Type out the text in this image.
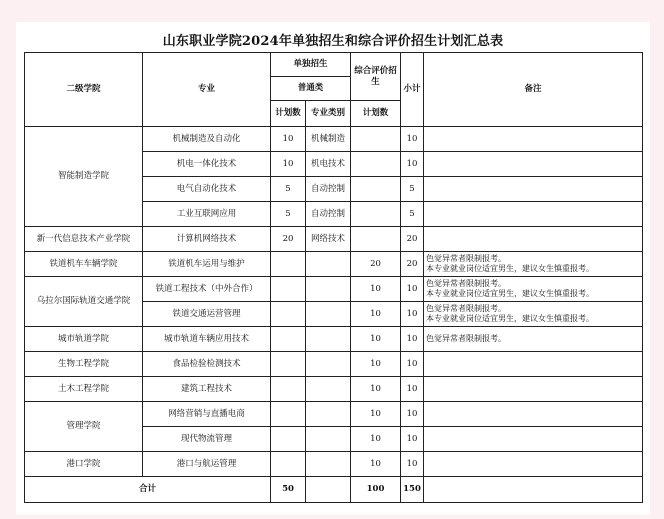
山东职业学院2024年单独招生和综合评价招生计划汇总表
二级学院	专业	单独招生		综合评价招生	小计	备注
		普通类				
		计划数	专业类别	计划数		
智能制造学院	机械制造及自动化	10	机械制造		10	
	机电一体化技术	10	机电技术		10	
	电气自动化技术	5	自动控制		5	
	工业互联网应用	5	自动控制		5	
新一代信息技术产业学院	计算机网络技术	20	网络技术		20	
铁道机车车辆学院	铁道机车运用与维护			20	20	色觉异常者限制报考。
本专业就业岗位适宜男生，建议女生慎重报考。

乌拉尔国际轨道交通学院	铁道工程技术（中外合作）			10	10	色觉异常者限制报考。
本专业就业岗位适宜男生，建议女生慎重报考。

	铁道交通运营管理			10	10	色觉异常者限制报考。
本专业就业岗位适宜男生，建议女生慎重报考。

城市轨道学院	城市轨道车辆应用技术			10	10	色觉异常者限制报考。

生物工程学院	食品检验检测技术			10	10	
土木工程学院	建筑工程技术			10	10	
管理学院	网络营销与直播电商			10	10	
	现代物流管理			10	10	
港口学院	港口与航运管理			10	10	
合计		50		100	150	
